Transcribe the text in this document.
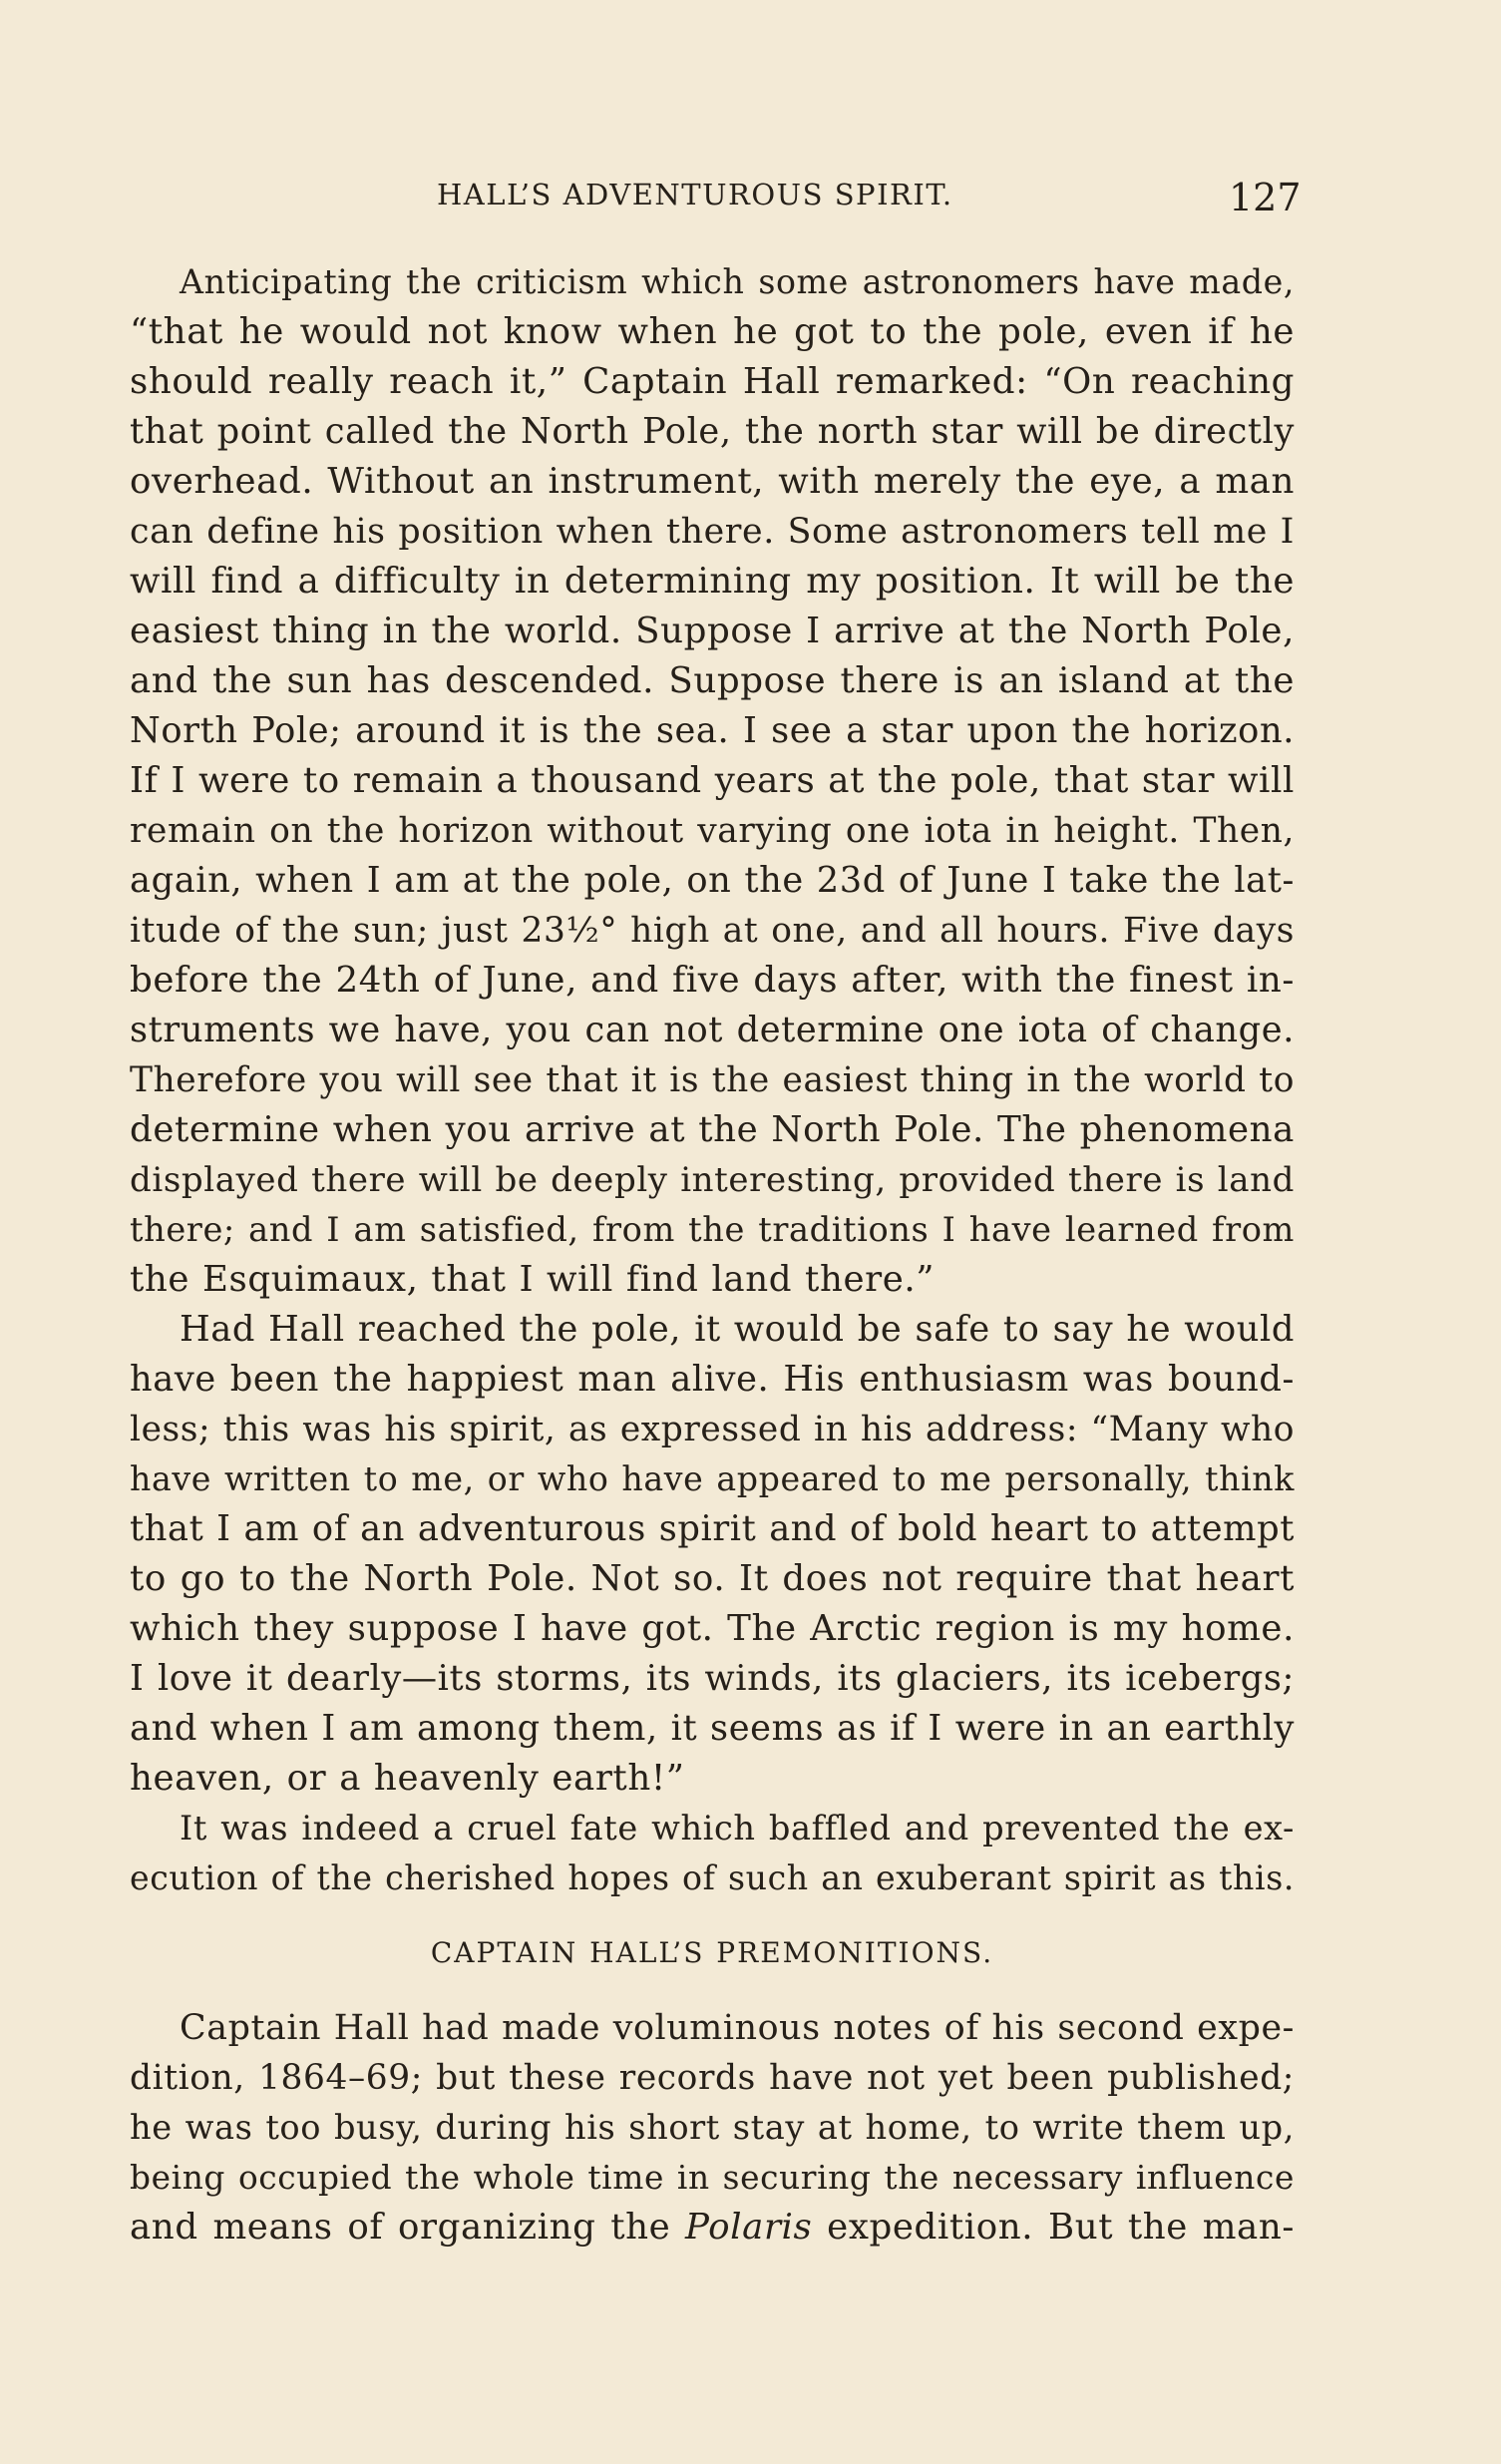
HALL’S ADVENTUROUS SPIRIT.	127
Anticipating the criticism which some astronomers have made,
“that he would not know when he got to the pole, even if he
should really reach it,” Captain Hall remarked: “On reaching
that point called the North Pole, the north star will be directly
overhead. Without an instrument, with merely the eye, a man
can define his position when there. Some astronomers tell me I
will find a difficulty in determining my position. It will be the
easiest thing in the world. Suppose I arrive at the North Pole,
and the sun has descended. Suppose there is an island at the
North Pole; around it is the sea. I see a star upon the horizon.
If I were to remain a thousand years at the pole, that star will
remain on the horizon without varying one iota in height. Then,
again, when I am at the pole, on the 23d of June I take the lat-
itude of the sun; just 23½° high at one, and all hours. Five days
before the 24th of June, and five days after, with the finest in-
struments we have, you can not determine one iota of change.
Therefore you will see that it is the easiest thing in the world to
determine when you arrive at the North Pole. The phenomena
displayed there will be deeply interesting, provided there is land
there; and I am satisfied, from the traditions I have learned from
the Esquimaux, that I will find land there.”
Had Hall reached the pole, it would be safe to say he would
have been the happiest man alive. His enthusiasm was bound-
less; this was his spirit, as expressed in his address: “Many who
have written to me, or who have appeared to me personally, think
that I am of an adventurous spirit and of bold heart to attempt
to go to the North Pole. Not so. It does not require that heart
which they suppose I have got. The Arctic region is my home.
I love it dearly—its storms, its winds, its glaciers, its icebergs;
and when I am among them, it seems as if I were in an earthly
heaven, or a heavenly earth!”
It was indeed a cruel fate which baffled and prevented the ex-
ecution of the cherished hopes of such an exuberant spirit as this.
CAPTAIN HALL’S PREMONITIONS.
Captain Hall had made voluminous notes of his second expe-
dition, 1864–69; but these records have not yet been published;
he was too busy, during his short stay at home, to write them up,
being occupied the whole time in securing the necessary influence
and means of organizing the Polaris expedition. But the man-
